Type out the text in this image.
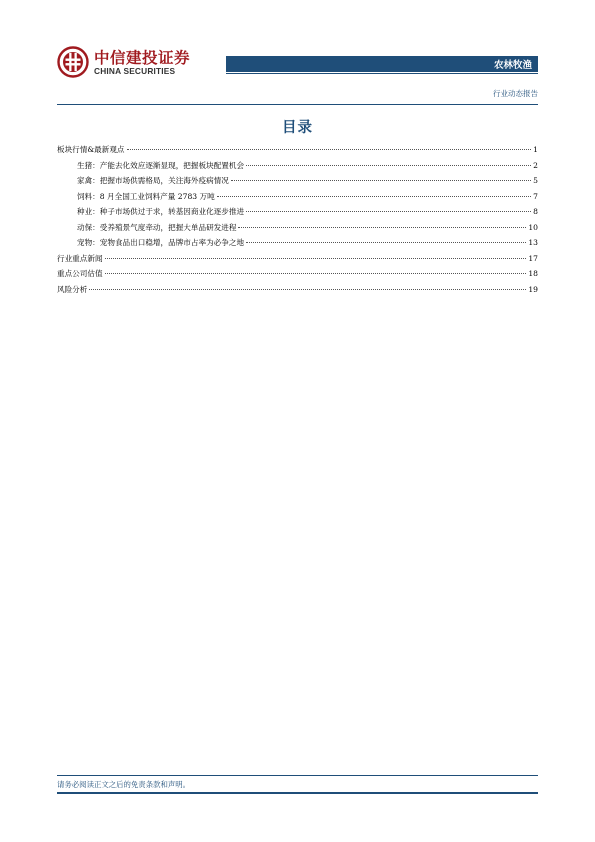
中信建投证券
CHINA SECURITIES	农林牧渔
行业动态报告
目录
板块行情&最新观点	1
生猪：产能去化效应逐渐显现，把握板块配置机会	2
家禽：把握市场供需格局，关注海外疫病情况	5
饲料：8 月全国工业饲料产量 2783 万吨	7
种业：种子市场供过于求，转基因商业化逐步推进	8
动保：受养殖景气度牵动，把握大单品研发进程	10
宠物：宠物食品出口稳增，品牌市占率为必争之地	13
行业重点新闻	17
重点公司估值	18
风险分析	19
请务必阅读正文之后的免责条款和声明。
